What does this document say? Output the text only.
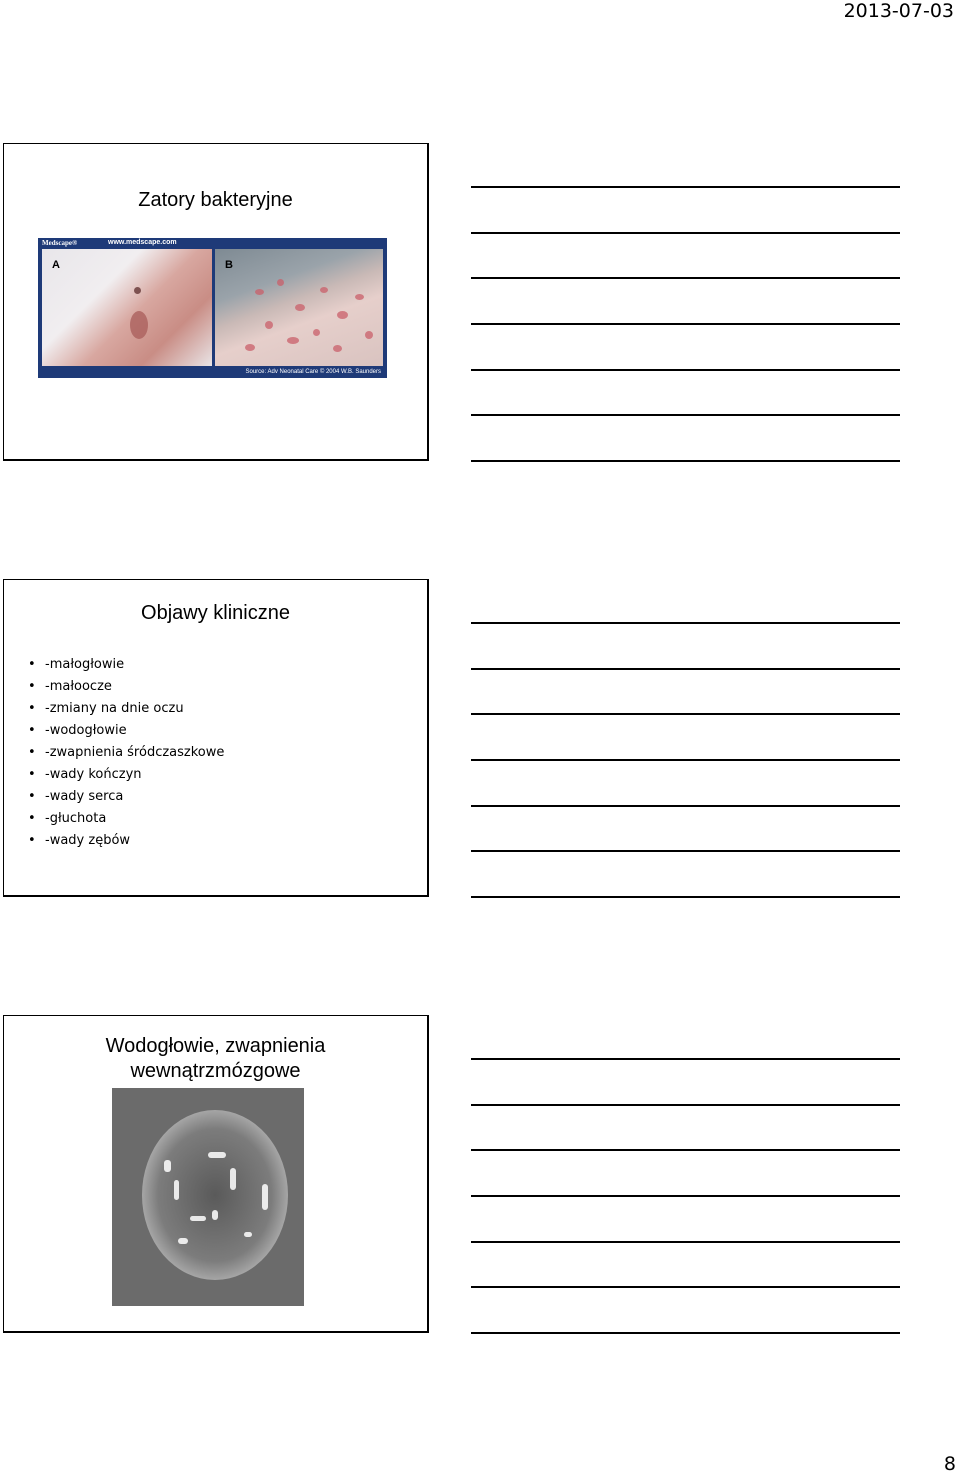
2013-07-03
Zatory bakteryjne
Medscape®	www.medscape.com
A	B
Source: Adv Neonatal Care © 2004 W.B. Saunders
Objawy kliniczne
• -małogłowie
• -małoocze
• -zmiany na dnie oczu
• -wodogłowie
• -zwapnienia śródczaszkowe
• -wady kończyn
• -wady serca
• -głuchota
• -wady zębów
Wodogłowie, zwapnienia
wewnątrzmózgowe
8
